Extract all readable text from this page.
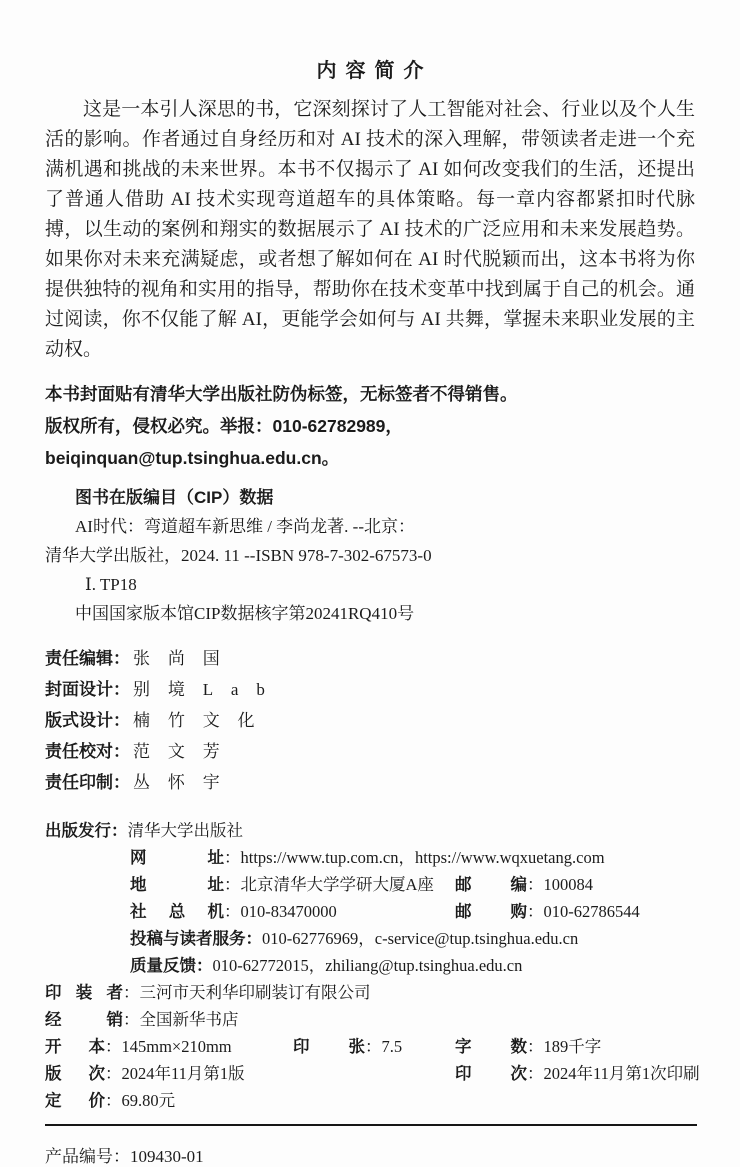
内容简介

这是一本引人深思的书，它深刻探讨了人工智能对社会、行业以及个人生活的影响。作者通过自身经历和对 AI 技术的深入理解，带领读者走进一个充满机遇和挑战的未来世界。本书不仅揭示了 AI 如何改变我们的生活，还提出了普通人借助 AI 技术实现弯道超车的具体策略。每一章内容都紧扣时代脉搏，以生动的案例和翔实的数据展示了 AI 技术的广泛应用和未来发展趋势。如果你对未来充满疑虑，或者想了解如何在 AI 时代脱颖而出，这本书将为你提供独特的视角和实用的指导，帮助你在技术变革中找到属于自己的机会。通过阅读，你不仅能了解 AI，更能学会如何与 AI 共舞，掌握未来职业发展的主动权。

本书封面贴有清华大学出版社防伪标签，无标签者不得销售。
版权所有，侵权必究。举报：010-62782989，beiqinquan@tup.tsinghua.edu.cn。
图书在版编目（CIP）数据
AI时代：弯道超车新思维 / 李尚龙著. --北京：
清华大学出版社，2024. 11 --ISBN 978-7-302-67573-0
Ⅰ. TP18
中国国家版本馆CIP数据核字第20241RQ410号
责任编辑： 张尚国
封面设计： 别境Lab
版式设计： 楠竹文化
责任校对： 范文芳
责任印制： 丛怀宇
出版发行：清华大学出版社
网址：https://www.tup.com.cn，https://www.wqxuetang.com
地址：北京清华大学学研大厦A座 邮编：100084
社总机：010-83470000	邮购：010-62786544
投稿与读者服务：010-62776969，c-service@tup.tsinghua.edu.cn
质量反馈：010-62772015，zhiliang@tup.tsinghua.edu.cn
印装者：三河市天利华印刷装订有限公司
经销：全国新华书店
开本：145mm×210mm	印张：7.5	字数：189千字
版次：2024年11月第1版	印次：2024年11月第1次印刷
定价：69.80元
产品编号：109430-01
